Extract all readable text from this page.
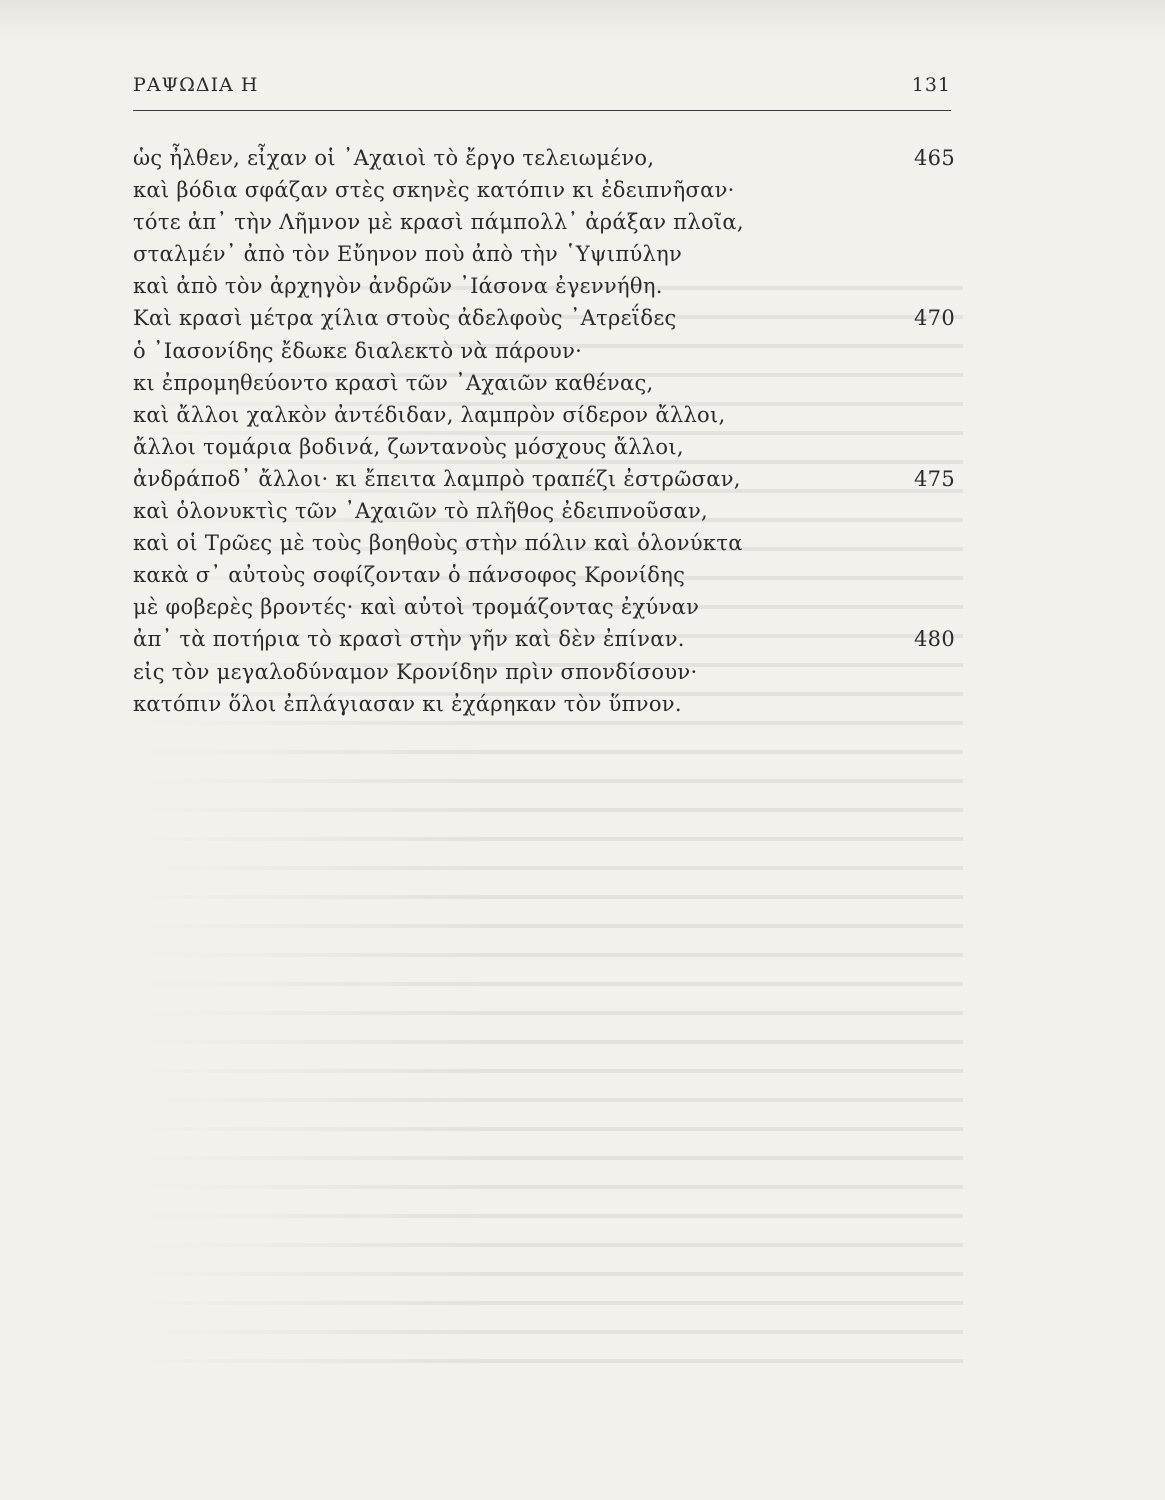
ΡΑΨΩΔΙΑ Η	131
ὡς ἦλθεν, εἶχαν οἱ ᾿Αχαιοὶ τὸ ἔργο τελειωμένο,	465
καὶ βόδια σφάζαν στὲς σκηνὲς κατόπιν κι ἐδειπνῆσαν·
τότε ἀπ᾿ τὴν Λῆμνον μὲ κρασὶ πάμπολλ᾿ ἀράξαν πλοῖα,
σταλμέν᾿ ἀπὸ τὸν Εὔηνον ποὺ ἀπὸ τὴν ῾Υψιπύλην
καὶ ἀπὸ τὸν ἀρχηγὸν ἀνδρῶν ᾿Ιάσονα ἐγεννήθη.
Καὶ κρασὶ μέτρα χίλια στοὺς ἀδελφοὺς ᾿Ατρεΐδες	470
ὁ ᾿Ιασονίδης ἔδωκε διαλεκτὸ νὰ πάρουν·
κι ἐπρομηθεύοντο κρασὶ τῶν ᾿Αχαιῶν καθένας,
καὶ ἄλλοι χαλκὸν ἀντέδιδαν, λαμπρὸν σίδερον ἄλλοι,
ἄλλοι τομάρια βοδινά, ζωντανοὺς μόσχους ἄλλοι,
ἀνδράποδ᾿ ἄλλοι· κι ἔπειτα λαμπρὸ τραπέζι ἐστρῶσαν,	475
καὶ ὁλονυκτὶς τῶν ᾿Αχαιῶν τὸ πλῆθος ἐδειπνοῦσαν,
καὶ οἱ Τρῶες μὲ τοὺς βοηθοὺς στὴν πόλιν καὶ ὁλονύκτα
κακὰ σ᾿ αὐτοὺς σοφίζονταν ὁ πάνσοφος Κρονίδης
μὲ φοβερὲς βροντές· καὶ αὐτοὶ τρομάζοντας ἐχύναν
ἀπ᾿ τὰ ποτήρια τὸ κρασὶ στὴν γῆν καὶ δὲν ἐπίναν.	480
εἰς τὸν μεγαλοδύναμον Κρονίδην πρὶν σπονδίσουν·
κατόπιν ὅλοι ἐπλάγιασαν κι ἐχάρηκαν τὸν ὕπνον.
